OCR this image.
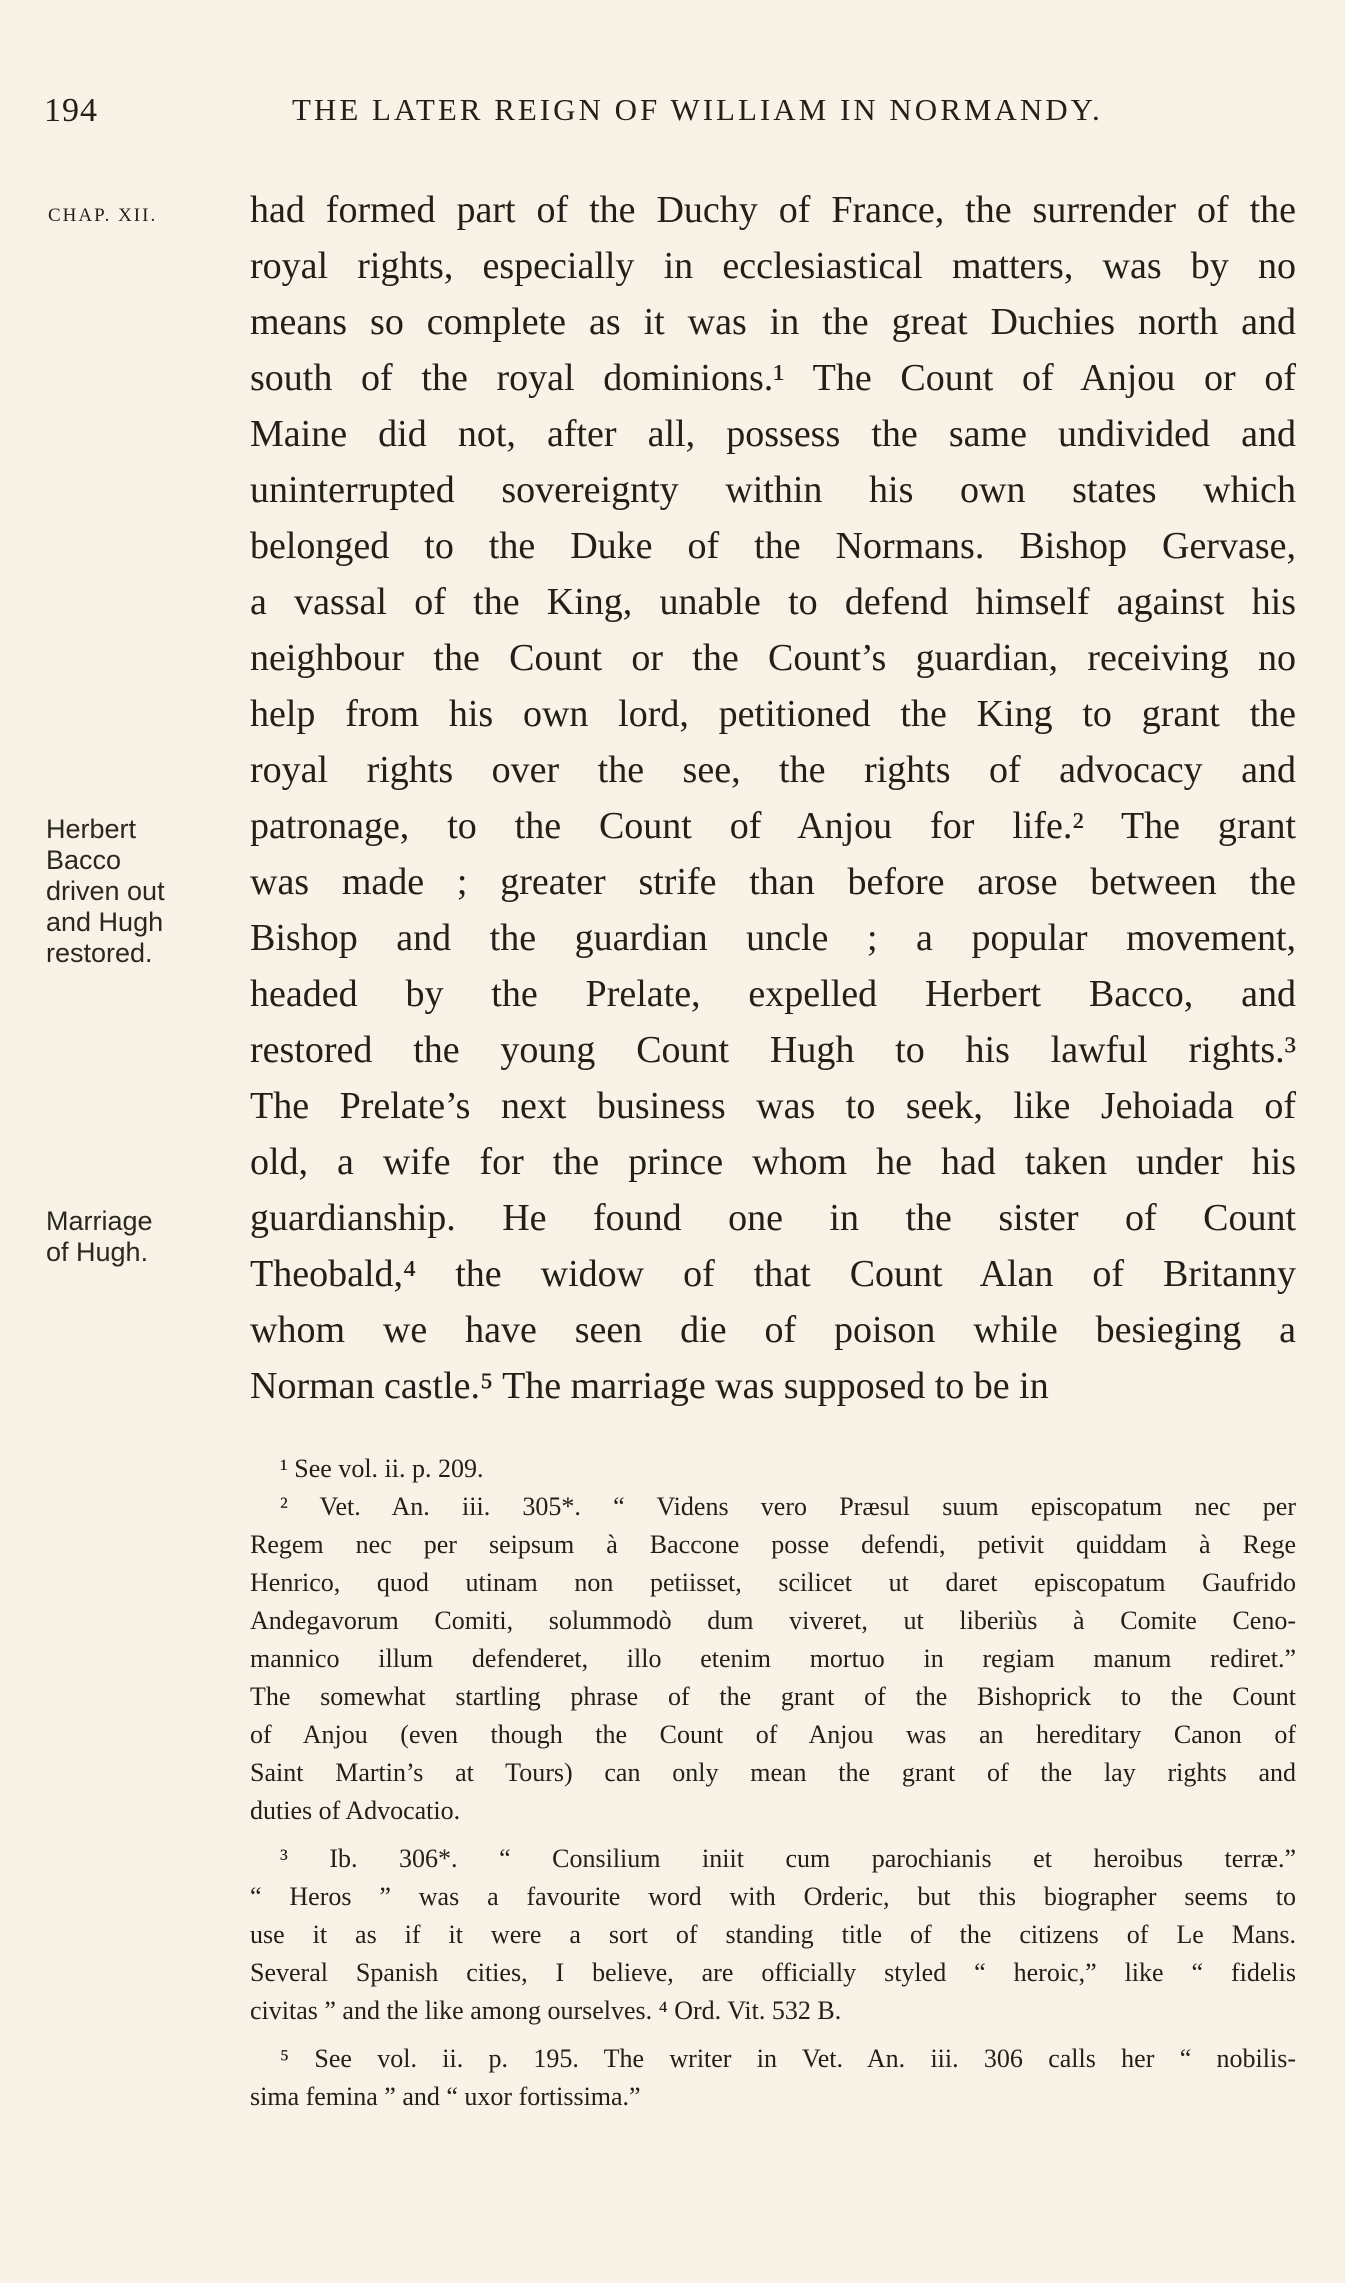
194	THE LATER REIGN OF WILLIAM IN NORMANDY.
CHAP. XII.
Herbert
Bacco
driven out
and Hugh
restored.
Marriage
of Hugh.
had formed part of the Duchy of France, the surrender of the
royal rights, especially in ecclesiastical matters, was by no
means so complete as it was in the great Duchies north and
south of the royal dominions.¹ The Count of Anjou or of
Maine did not, after all, possess the same undivided and
uninterrupted sovereignty within his own states which
belonged to the Duke of the Normans. Bishop Gervase,
a vassal of the King, unable to defend himself against his
neighbour the Count or the Count’s guardian, receiving no
help from his own lord, petitioned the King to grant the
royal rights over the see, the rights of advocacy and
patronage, to the Count of Anjou for life.² The grant
was made ; greater strife than before arose between the
Bishop and the guardian uncle ; a popular movement,
headed by the Prelate, expelled Herbert Bacco, and
restored the young Count Hugh to his lawful rights.³
The Prelate’s next business was to seek, like Jehoiada of
old, a wife for the prince whom he had taken under his
guardianship. He found one in the sister of Count
Theobald,⁴ the widow of that Count Alan of Britanny
whom we have seen die of poison while besieging a
Norman castle.⁵ The marriage was supposed to be in
¹ See vol. ii. p. 209.
² Vet. An. iii. 305*. “ Videns vero Præsul suum episcopatum nec per
Regem nec per seipsum à Baccone posse defendi, petivit quiddam à Rege
Henrico, quod utinam non petiisset, scilicet ut daret episcopatum Gaufrido
Andegavorum Comiti, solummodò dum viveret, ut liberiùs à Comite Ceno-
mannico illum defenderet, illo etenim mortuo in regiam manum rediret.”
The somewhat startling phrase of the grant of the Bishoprick to the Count
of Anjou (even though the Count of Anjou was an hereditary Canon of
Saint Martin’s at Tours) can only mean the grant of the lay rights and
duties of Advocatio.
³ Ib. 306*. “ Consilium iniit cum parochianis et heroibus terræ.”
“ Heros ” was a favourite word with Orderic, but this biographer seems to
use it as if it were a sort of standing title of the citizens of Le Mans.
Several Spanish cities, I believe, are officially styled “ heroic,” like “ fidelis
civitas ” and the like among ourselves. ⁴ Ord. Vit. 532 B.
⁵ See vol. ii. p. 195. The writer in Vet. An. iii. 306 calls her “ nobilis-
sima femina ” and “ uxor fortissima.”
